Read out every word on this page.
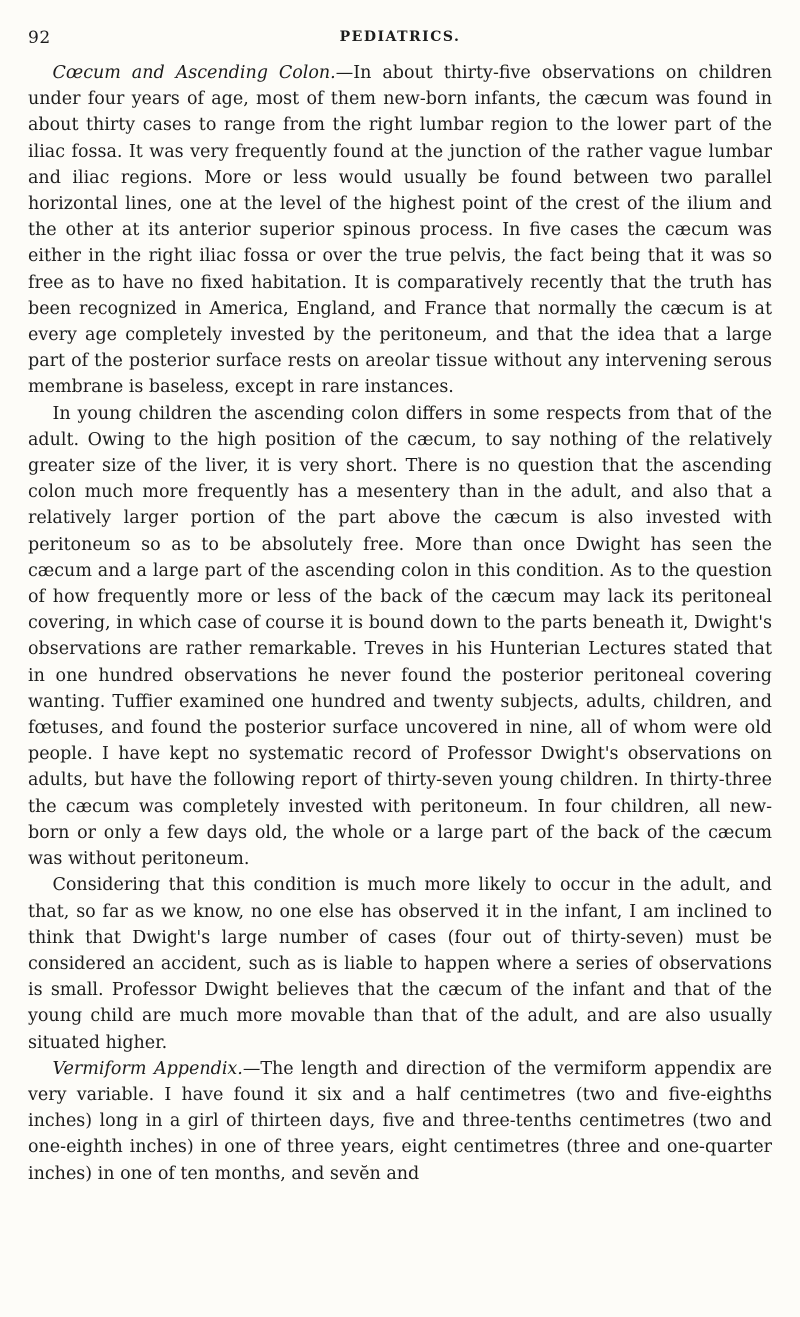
92	PEDIATRICS.

Cœcum and Ascending Colon.—In about thirty-five observations on children under four years of age, most of them new-born infants, the cæcum was found in about thirty cases to range from the right lumbar region to the lower part of the iliac fossa. It was very frequently found at the junction of the rather vague lumbar and iliac regions. More or less would usually be found between two parallel horizontal lines, one at the level of the highest point of the crest of the ilium and the other at its anterior superior spinous process. In five cases the cæcum was either in the right iliac fossa or over the true pelvis, the fact being that it was so free as to have no fixed habitation. It is comparatively recently that the truth has been recognized in America, England, and France that normally the cæcum is at every age completely invested by the peritoneum, and that the idea that a large part of the posterior surface rests on areolar tissue without any intervening serous membrane is baseless, except in rare instances.

In young children the ascending colon differs in some respects from that of the adult. Owing to the high position of the cæcum, to say nothing of the relatively greater size of the liver, it is very short. There is no question that the ascending colon much more frequently has a mesentery than in the adult, and also that a relatively larger portion of the part above the cæcum is also invested with peritoneum so as to be absolutely free. More than once Dwight has seen the cæcum and a large part of the ascending colon in this condition. As to the question of how frequently more or less of the back of the cæcum may lack its peritoneal covering, in which case of course it is bound down to the parts beneath it, Dwight's observations are rather remarkable. Treves in his Hunterian Lectures stated that in one hundred observations he never found the posterior peritoneal covering wanting. Tuffier examined one hundred and twenty subjects, adults, children, and fœtuses, and found the posterior surface uncovered in nine, all of whom were old people. I have kept no systematic record of Professor Dwight's observations on adults, but have the following report of thirty-seven young children. In thirty-three the cæcum was completely invested with peritoneum. In four children, all new-born or only a few days old, the whole or a large part of the back of the cæcum was without peritoneum.

Considering that this condition is much more likely to occur in the adult, and that, so far as we know, no one else has observed it in the infant, I am inclined to think that Dwight's large number of cases (four out of thirty-seven) must be considered an accident, such as is liable to happen where a series of observations is small. Professor Dwight believes that the cæcum of the infant and that of the young child are much more movable than that of the adult, and are also usually situated higher.

Vermiform Appendix.—The length and direction of the vermiform appendix are very variable. I have found it six and a half centimetres (two and five-eighths inches) long in a girl of thirteen days, five and three-tenths centimetres (two and one-eighth inches) in one of three years, eight centimetres (three and one-quarter inches) in one of ten months, and sevĕn and
